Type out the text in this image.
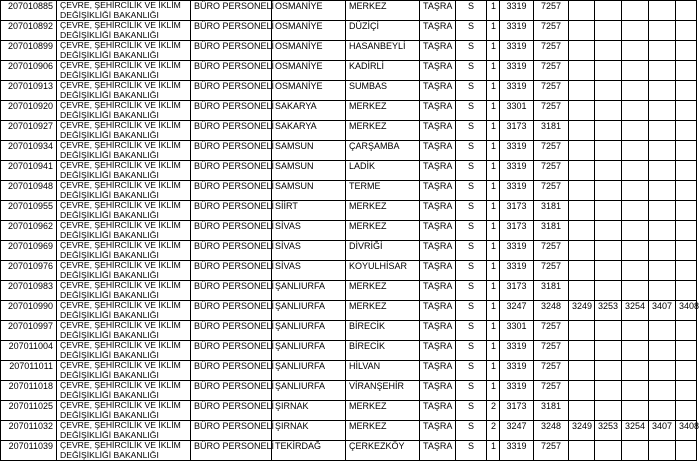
207010885	ÇEVRE, ŞEHİRCİLİK VE İKLİM DEĞİŞİKLİĞİ BAKANLIĞI	BÜRO PERSONELİ	OSMANİYE	MERKEZ	TAŞRA	S	1	3319	7257					
207010892	ÇEVRE, ŞEHİRCİLİK VE İKLİM DEĞİŞİKLİĞİ BAKANLIĞI	BÜRO PERSONELİ	OSMANİYE	DÜZİÇİ	TAŞRA	S	1	3319	7257					
207010899	ÇEVRE, ŞEHİRCİLİK VE İKLİM DEĞİŞİKLİĞİ BAKANLIĞI	BÜRO PERSONELİ	OSMANİYE	HASANBEYLİ	TAŞRA	S	1	3319	7257					
207010906	ÇEVRE, ŞEHİRCİLİK VE İKLİM DEĞİŞİKLİĞİ BAKANLIĞI	BÜRO PERSONELİ	OSMANİYE	KADİRLİ	TAŞRA	S	1	3319	7257					
207010913	ÇEVRE, ŞEHİRCİLİK VE İKLİM DEĞİŞİKLİĞİ BAKANLIĞI	BÜRO PERSONELİ	OSMANİYE	SUMBAS	TAŞRA	S	1	3319	7257					
207010920	ÇEVRE, ŞEHİRCİLİK VE İKLİM DEĞİŞİKLİĞİ BAKANLIĞI	BÜRO PERSONELİ	SAKARYA	MERKEZ	TAŞRA	S	1	3301	7257					
207010927	ÇEVRE, ŞEHİRCİLİK VE İKLİM DEĞİŞİKLİĞİ BAKANLIĞI	BÜRO PERSONELİ	SAKARYA	MERKEZ	TAŞRA	S	1	3173	3181					
207010934	ÇEVRE, ŞEHİRCİLİK VE İKLİM DEĞİŞİKLİĞİ BAKANLIĞI	BÜRO PERSONELİ	SAMSUN	ÇARŞAMBA	TAŞRA	S	1	3319	7257					
207010941	ÇEVRE, ŞEHİRCİLİK VE İKLİM DEĞİŞİKLİĞİ BAKANLIĞI	BÜRO PERSONELİ	SAMSUN	LADİK	TAŞRA	S	1	3319	7257					
207010948	ÇEVRE, ŞEHİRCİLİK VE İKLİM DEĞİŞİKLİĞİ BAKANLIĞI	BÜRO PERSONELİ	SAMSUN	TERME	TAŞRA	S	1	3319	7257					
207010955	ÇEVRE, ŞEHİRCİLİK VE İKLİM DEĞİŞİKLİĞİ BAKANLIĞI	BÜRO PERSONELİ	SİİRT	MERKEZ	TAŞRA	S	1	3173	3181					
207010962	ÇEVRE, ŞEHİRCİLİK VE İKLİM DEĞİŞİKLİĞİ BAKANLIĞI	BÜRO PERSONELİ	SİVAS	MERKEZ	TAŞRA	S	1	3173	3181					
207010969	ÇEVRE, ŞEHİRCİLİK VE İKLİM DEĞİŞİKLİĞİ BAKANLIĞI	BÜRO PERSONELİ	SİVAS	DİVRİĞİ	TAŞRA	S	1	3319	7257					
207010976	ÇEVRE, ŞEHİRCİLİK VE İKLİM DEĞİŞİKLİĞİ BAKANLIĞI	BÜRO PERSONELİ	SİVAS	KOYULHİSAR	TAŞRA	S	1	3319	7257					
207010983	ÇEVRE, ŞEHİRCİLİK VE İKLİM DEĞİŞİKLİĞİ BAKANLIĞI	BÜRO PERSONELİ	ŞANLIURFA	MERKEZ	TAŞRA	S	1	3173	3181					
207010990	ÇEVRE, ŞEHİRCİLİK VE İKLİM DEĞİŞİKLİĞİ BAKANLIĞI	BÜRO PERSONELİ	ŞANLIURFA	MERKEZ	TAŞRA	S	1	3247	3248	3249	3253	3254	3407	3408
207010997	ÇEVRE, ŞEHİRCİLİK VE İKLİM DEĞİŞİKLİĞİ BAKANLIĞI	BÜRO PERSONELİ	ŞANLIURFA	BİRECİK	TAŞRA	S	1	3301	7257					
207011004	ÇEVRE, ŞEHİRCİLİK VE İKLİM DEĞİŞİKLİĞİ BAKANLIĞI	BÜRO PERSONELİ	ŞANLIURFA	BİRECİK	TAŞRA	S	1	3319	7257					
207011011	ÇEVRE, ŞEHİRCİLİK VE İKLİM DEĞİŞİKLİĞİ BAKANLIĞI	BÜRO PERSONELİ	ŞANLIURFA	HİLVAN	TAŞRA	S	1	3319	7257					
207011018	ÇEVRE, ŞEHİRCİLİK VE İKLİM DEĞİŞİKLİĞİ BAKANLIĞI	BÜRO PERSONELİ	ŞANLIURFA	VİRANŞEHİR	TAŞRA	S	1	3319	7257					
207011025	ÇEVRE, ŞEHİRCİLİK VE İKLİM DEĞİŞİKLİĞİ BAKANLIĞI	BÜRO PERSONELİ	ŞIRNAK	MERKEZ	TAŞRA	S	2	3173	3181					
207011032	ÇEVRE, ŞEHİRCİLİK VE İKLİM DEĞİŞİKLİĞİ BAKANLIĞI	BÜRO PERSONELİ	ŞIRNAK	MERKEZ	TAŞRA	S	2	3247	3248	3249	3253	3254	3407	3408
207011039	ÇEVRE, ŞEHİRCİLİK VE İKLİM DEĞİŞİKLİĞİ BAKANLIĞI	BÜRO PERSONELİ	TEKİRDAĞ	ÇERKEZKÖY	TAŞRA	S	1	3319	7257					
